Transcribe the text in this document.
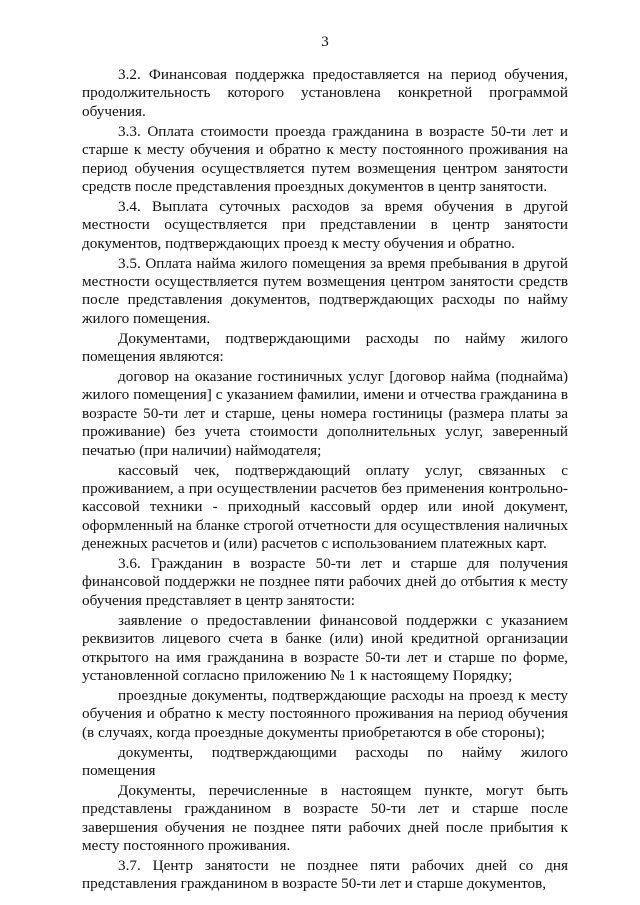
3

3.2. Финансовая поддержка предоставляется на период обучения, продолжительность которого установлена конкретной программой обучения.

3.3. Оплата стоимости проезда гражданина в возрасте 50-ти лет и старше к месту обучения и обратно к месту постоянного проживания на период обучения осуществляется путем возмещения центром занятости средств после представления проездных документов в центр занятости.

3.4. Выплата суточных расходов за время обучения в другой местности осуществляется при представлении в центр занятости документов, подтверждающих проезд к месту обучения и обратно.

3.5. Оплата найма жилого помещения за время пребывания в другой местности осуществляется путем возмещения центром занятости средств после представления документов, подтверждающих расходы по найму жилого помещения.

Документами, подтверждающими расходы по найму жилого помещения являются:

договор на оказание гостиничных услуг [договор найма (поднайма) жилого помещения] с указанием фамилии, имени и отчества гражданина в возрасте 50-ти лет и старше, цены номера гостиницы (размера платы за проживание) без учета стоимости дополнительных услуг, заверенный печатью (при наличии) наймодателя;

кассовый чек, подтверждающий оплату услуг, связанных с проживанием, а при осуществлении расчетов без применения контрольно-кассовой техники - приходный кассовый ордер или иной документ, оформленный на бланке строгой отчетности для осуществления наличных денежных расчетов и (или) расчетов с использованием платежных карт.

3.6. Гражданин в возрасте 50-ти лет и старше для получения финансовой поддержки не позднее пяти рабочих дней до отбытия к месту обучения представляет в центр занятости:

заявление о предоставлении финансовой поддержки с указанием реквизитов лицевого счета в банке (или) иной кредитной организации открытого на имя гражданина в возрасте 50-ти лет и старше по форме, установленной согласно приложению № 1 к настоящему Порядку;

проездные документы, подтверждающие расходы на проезд к месту обучения и обратно к месту постоянного проживания на период обучения (в случаях, когда проездные документы приобретаются в обе стороны);

документы, подтверждающими расходы по найму жилого помещения

Документы, перечисленные в настоящем пункте, могут быть представлены гражданином в возрасте 50-ти лет и старше после завершения обучения не позднее пяти рабочих дней после прибытия к месту постоянного проживания.

3.7. Центр занятости не позднее пяти рабочих дней со дня представления гражданином в возрасте 50-ти лет и старше документов,
